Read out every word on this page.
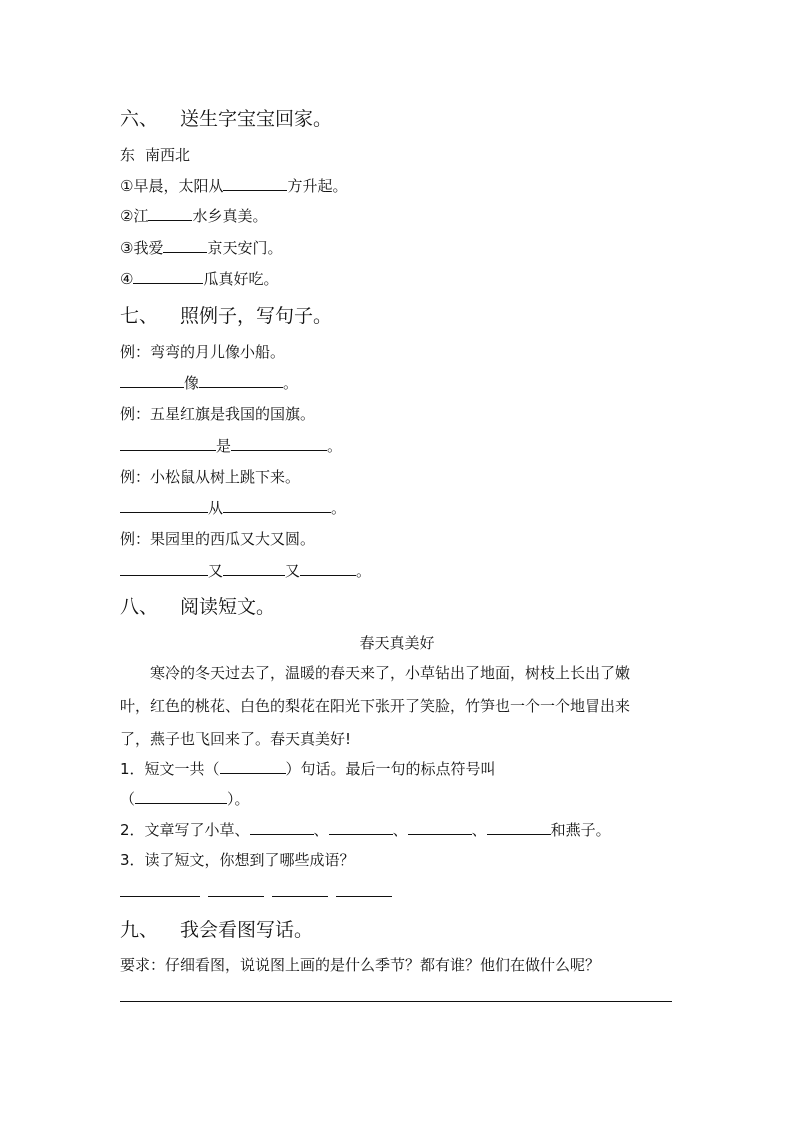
六、 送生字宝宝回家。
东 南西北
①早晨，太阳从	方升起。
②江	水乡真美。
③我爱	京天安门。
④	瓜真好吃。
七、 照例子，写句子。
例：弯弯的月儿像小船。
像	。
例：五星红旗是我国的国旗。
是	。
例：小松鼠从树上跳下来。
从	。
例：果园里的西瓜又大又圆。
又	又	。
八、 阅读短文。
春天真美好
寒冷的冬天过去了，温暖的春天来了，小草钻出了地面，树枝上长出了嫩
叶，红色的桃花、白色的梨花在阳光下张开了笑脸，竹笋也一个一个地冒出来
了，燕子也飞回来了。春天真美好!
1．短文一共（	）句话。最后一句的标点符号叫
（	）。
2．文章写了小草、	、	、	、	和燕子。
3．读了短文，你想到了哪些成语？
九、 我会看图写话。
要求：仔细看图，说说图上画的是什么季节？都有谁？他们在做什么呢？
